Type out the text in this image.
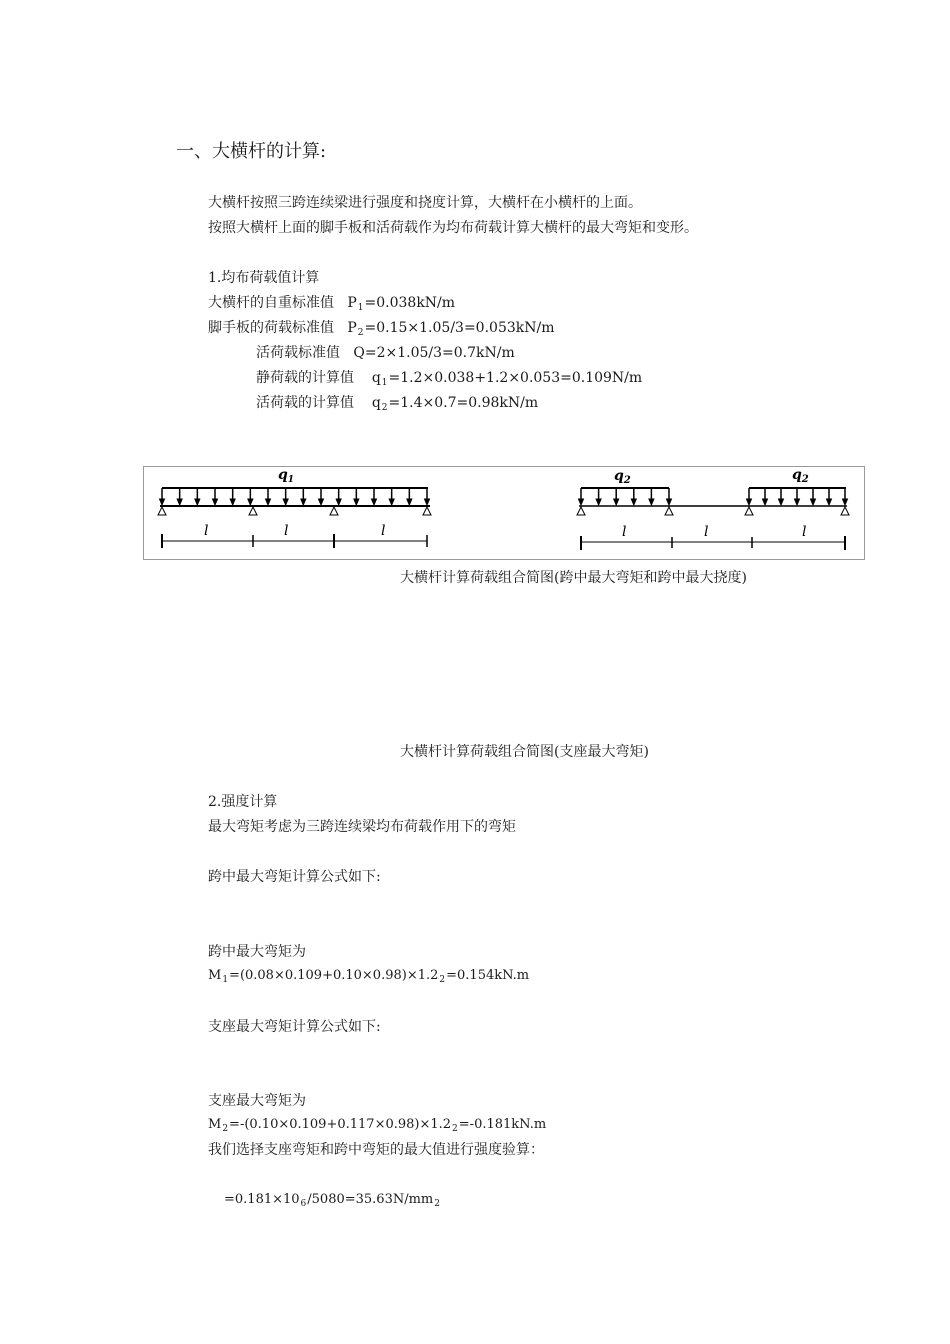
一、大横杆的计算:
大横杆按照三跨连续梁进行强度和挠度计算，大横杆在小横杆的上面。
按照大横杆上面的脚手板和活荷载作为均布荷载计算大横杆的最大弯矩和变形。
1.均布荷载值计算
大横杆的自重标准值 $P_1=0.038kN/m$
脚手板的荷载标准值 $P_2=0.15\times 1.05/3=0.053kN/m$
活荷载标准值 Q=2×1.05/3=0.7kN/m
静荷载的计算值 $q_1=1.2\times 0.038+1.2\times 0.053=0.109N/m$
活荷载的计算值 $q_2=1.4\times 0.7=0.98kN/m$
$q_1$
l	l	l
$q_2$	$q_2$
l	l	l
大横杆计算荷载组合简图(跨中最大弯矩和跨中最大挠度)
大横杆计算荷载组合简图(支座最大弯矩)
2.强度计算
最大弯矩考虑为三跨连续梁均布荷载作用下的弯矩
跨中最大弯矩计算公式如下:
跨中最大弯矩为
$M_1=(0.08\times 0.109+0.10\times 0.98)\times 1.2_2=0.154kN.m$
支座最大弯矩计算公式如下:
支座最大弯矩为
$M_2=-(0.10\times 0.109+0.117\times 0.98)\times 1.2_2=-0.181kN.m$
我们选择支座弯矩和跨中弯矩的最大值进行强度验算：
$=0.181\times 10_6/5080=35.63N/mm_2$
